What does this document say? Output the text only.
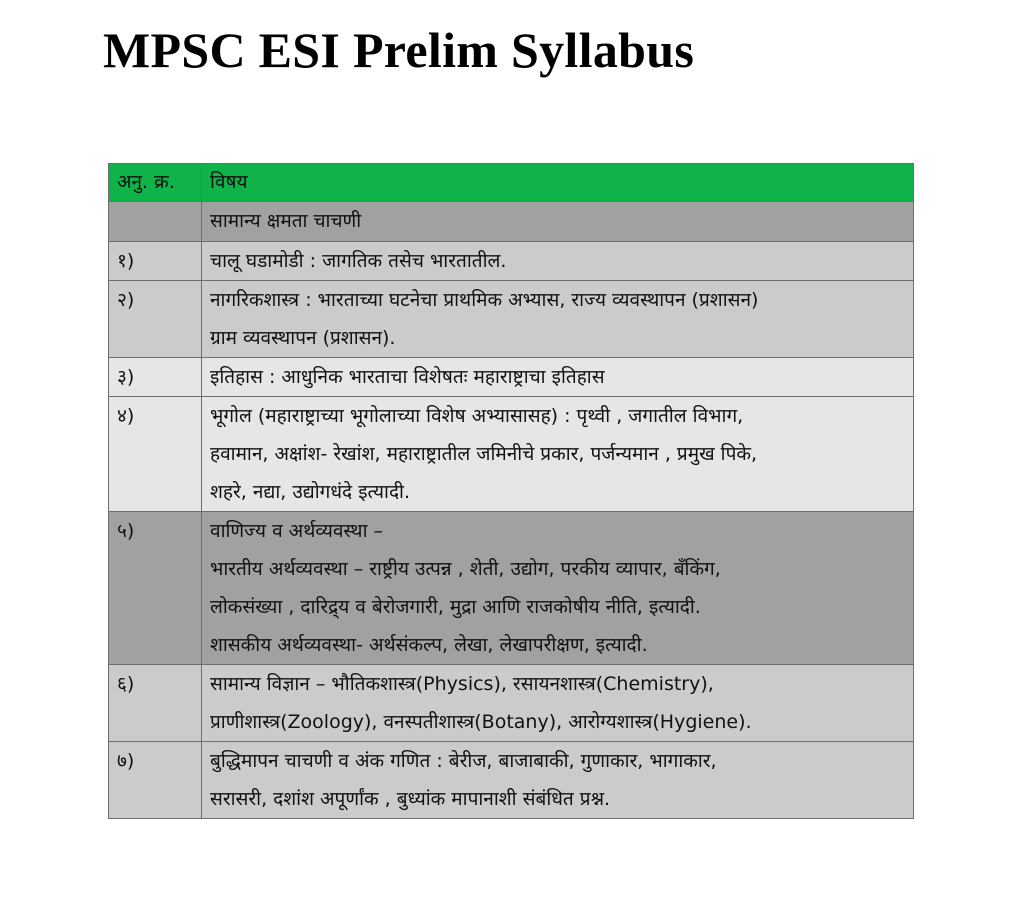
MPSC ESI Prelim Syllabus
अनु. क्र.	विषय
	सामान्य क्षमता चाचणी
१)	चालू घडामोडी : जागतिक तसेच भारतातील.

२)	नागरिकशास्त्र : भारताच्या घटनेचा प्राथमिक अभ्यास, राज्य व्यवस्थापन (प्रशासन)
ग्राम व्यवस्थापन (प्रशासन).

३)	इतिहास : आधुनिक भारताचा विशेषतः महाराष्ट्राचा इतिहास

४)	भूगोल (महाराष्ट्राच्या भूगोलाच्या विशेष अभ्यासासह) : पृथ्वी , जगातील विभाग,
हवामान, अक्षांश- रेखांश, महाराष्ट्रातील जमिनीचे प्रकार, पर्जन्यमान , प्रमुख पिके,
शहरे, नद्या, उद्योगधंदे इत्यादी.

५)	वाणिज्य व अर्थव्यवस्था –
भारतीय अर्थव्यवस्था – राष्ट्रीय उत्पन्न , शेती, उद्योग, परकीय व्यापार, बँकिंग,
लोकसंख्या , दारिद्र्य व बेरोजगारी, मुद्रा आणि राजकोषीय नीति, इत्यादी.
शासकीय अर्थव्यवस्था- अर्थसंकल्प, लेखा, लेखापरीक्षण, इत्यादी.

६)	सामान्य विज्ञान – भौतिकशास्त्र(Physics), रसायनशास्त्र(Chemistry),
प्राणीशास्त्र(Zoology), वनस्पतीशास्त्र(Botany), आरोग्यशास्त्र(Hygiene).

७)	बुद्धिमापन चाचणी व अंक गणित : बेरीज, बाजाबाकी, गुणाकार, भागाकार,
सरासरी, दशांश अपूर्णांक , बुध्यांक मापानाशी संबंधित प्रश्न.
